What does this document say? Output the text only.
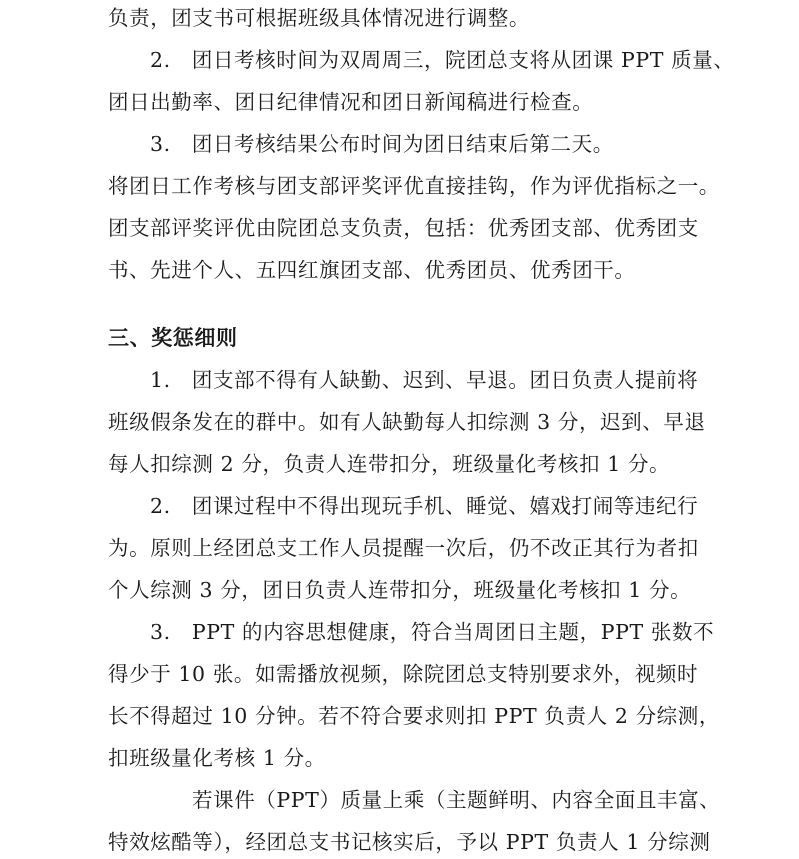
负责，团支书可根据班级具体情况进行调整。
2.　团日考核时间为双周周三，院团总支将从团课 PPT 质量、
团日出勤率、团日纪律情况和团日新闻稿进行检查。
3.　团日考核结果公布时间为团日结束后第二天。
将团日工作考核与团支部评奖评优直接挂钩，作为评优指标之一。
团支部评奖评优由院团总支负责，包括：优秀团支部、优秀团支
书、先进个人、五四红旗团支部、优秀团员、优秀团干。
三、奖惩细则
1.　团支部不得有人缺勤、迟到、早退。团日负责人提前将
班级假条发在的群中。如有人缺勤每人扣综测 3 分，迟到、早退
每人扣综测 2 分，负责人连带扣分，班级量化考核扣 1 分。
2.　团课过程中不得出现玩手机、睡觉、嬉戏打闹等违纪行
为。原则上经团总支工作人员提醒一次后，仍不改正其行为者扣
个人综测 3 分，团日负责人连带扣分，班级量化考核扣 1 分。
3.　PPT 的内容思想健康，符合当周团日主题，PPT 张数不
得少于 10 张。如需播放视频，除院团总支特别要求外，视频时
长不得超过 10 分钟。若不符合要求则扣 PPT 负责人 2 分综测，
扣班级量化考核 1 分。
若课件（PPT）质量上乘（主题鲜明、内容全面且丰富、
特效炫酷等），经团总支书记核实后，予以 PPT 负责人 1 分综测
